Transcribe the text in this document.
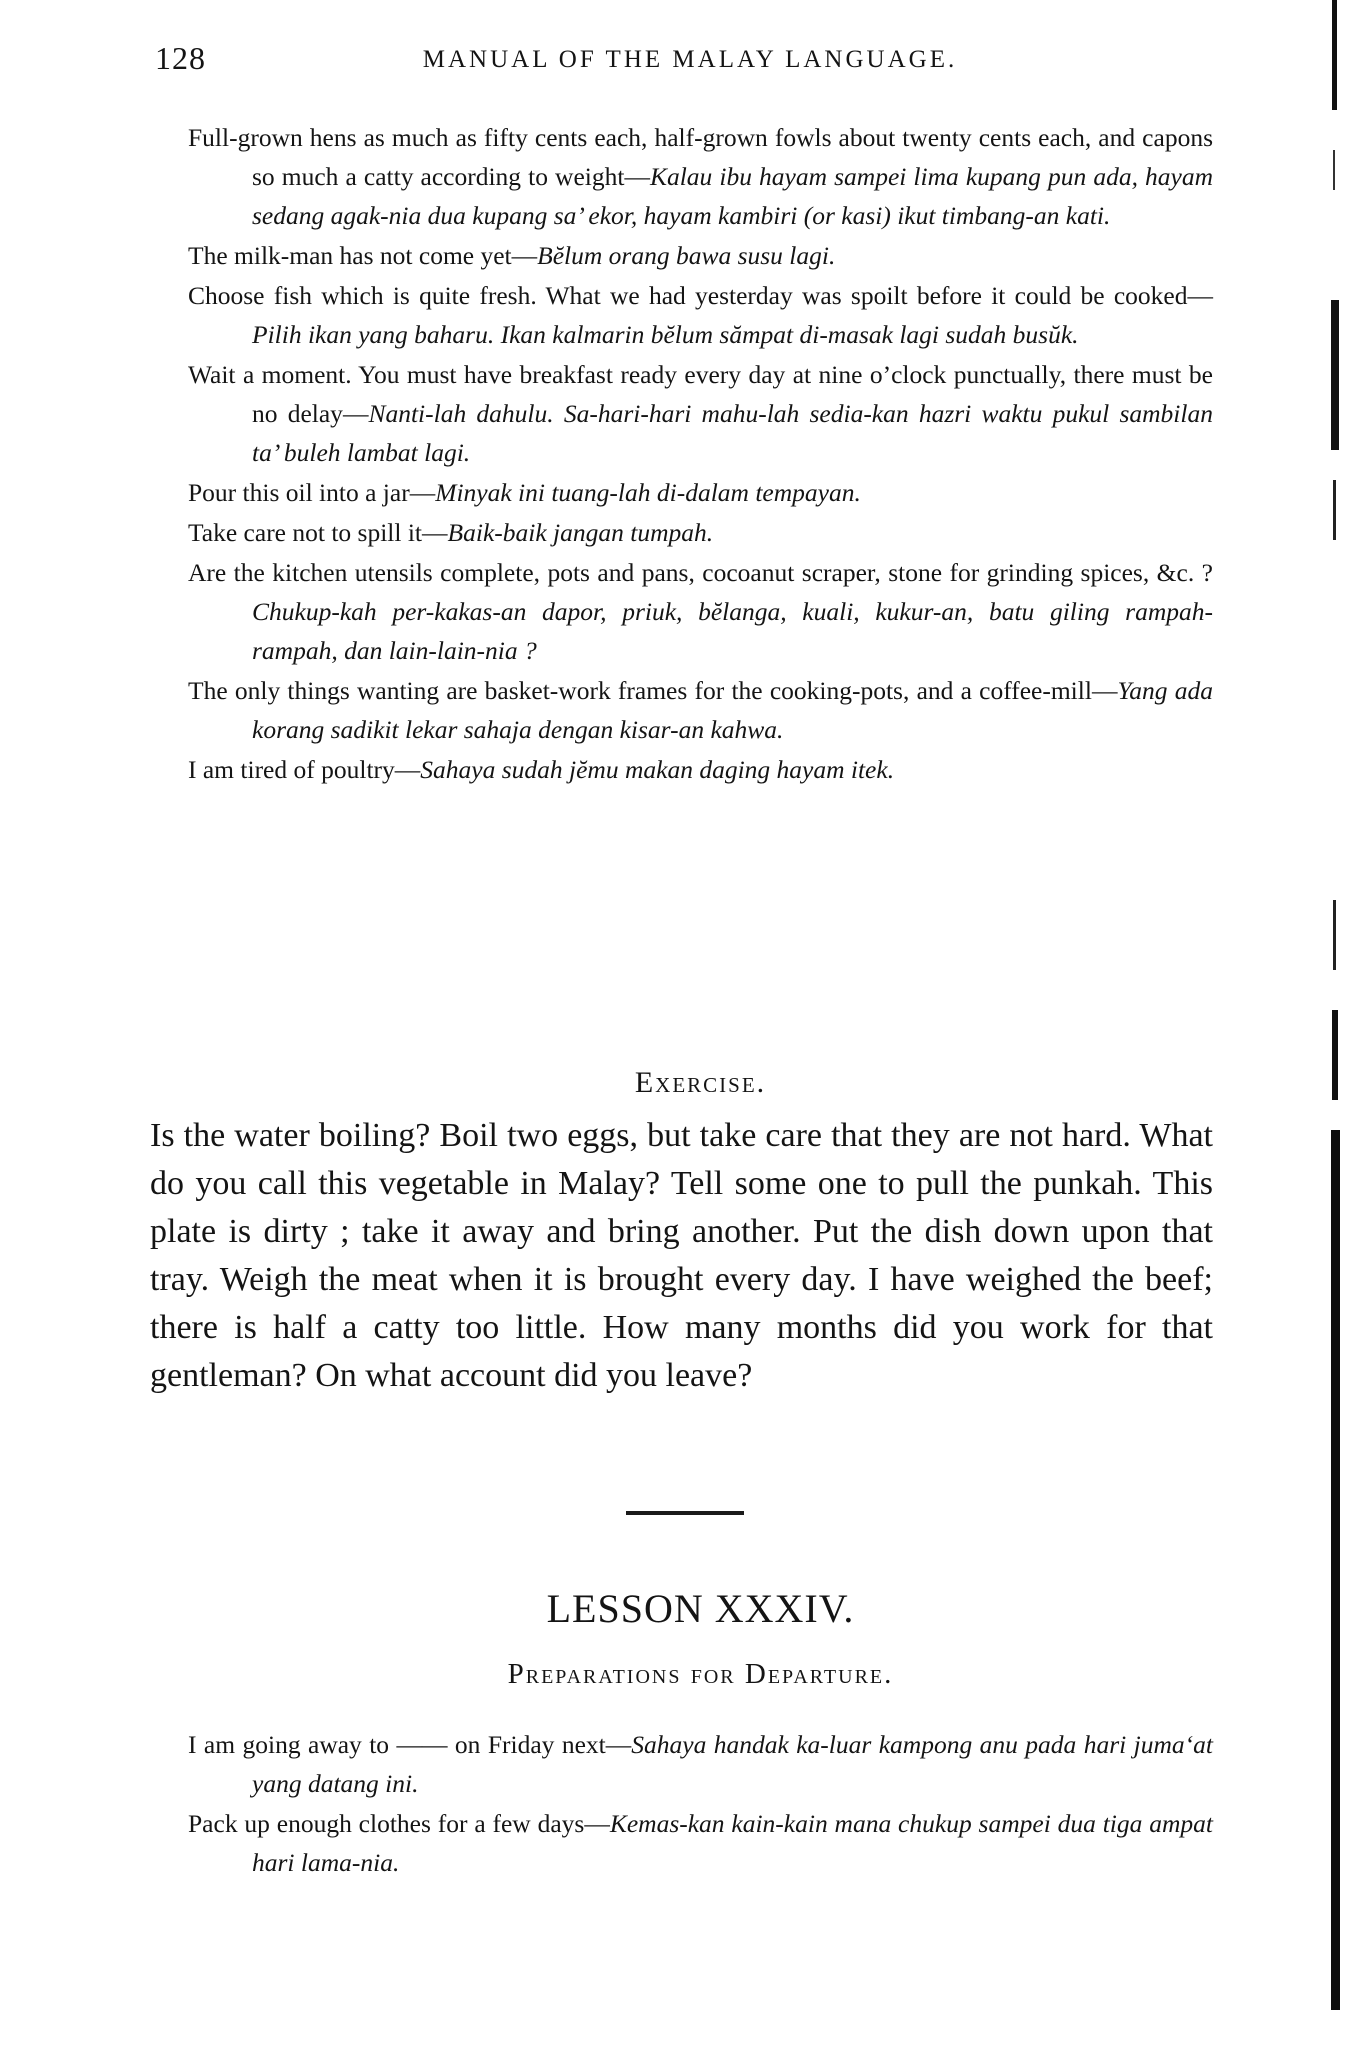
128	MANUAL OF THE MALAY LANGUAGE.

Full-grown hens as much as fifty cents each, half-grown fowls about twenty cents each, and capons so much a catty according to weight—Kalau ibu hayam sampei lima kupang pun ada, hayam sedang agak-nia dua kupang sa’ ekor, hayam kambiri (or kasi) ikut timbang-an kati.

The milk-man has not come yet—Bĕlum orang bawa susu lagi.

Choose fish which is quite fresh. What we had yesterday was spoilt before it could be cooked—Pilih ikan yang baharu. Ikan kalmarin bĕlum sămpat di-masak lagi sudah busŭk.

Wait a moment. You must have breakfast ready every day at nine o’clock punctually, there must be no delay—Nanti-lah dahulu. Sa-hari-hari mahu-lah sedia-kan hazri waktu pukul sambilan ta’ buleh lambat lagi.

Pour this oil into a jar—Minyak ini tuang-lah di-dalam tempayan.

Take care not to spill it—Baik-baik jangan tumpah.

Are the kitchen utensils complete, pots and pans, cocoanut scraper, stone for grinding spices, &c. ? Chukup-kah per-kakas-an dapor, priuk, bĕlanga, kuali, kukur-an, batu giling rampah-rampah, dan lain-lain-nia ?

The only things wanting are basket-work frames for the cooking-pots, and a coffee-mill—Yang ada korang sadikit lekar sahaja dengan kisar-an kahwa.

I am tired of poultry—Sahaya sudah jĕmu makan daging hayam itek.

Exercise.

Is the water boiling? Boil two eggs, but take care that they are not hard. What do you call this vegetable in Malay? Tell some one to pull the punkah. This plate is dirty ; take it away and bring another. Put the dish down upon that tray. Weigh the meat when it is brought every day. I have weighed the beef; there is half a catty too little. How many months did you work for that gentleman? On what account did you leave?

LESSON XXXIV.
Preparations for Departure.

I am going away to —— on Friday next—Sahaya handak ka-luar kampong anu pada hari juma‘at yang datang ini.

Pack up enough clothes for a few days—Kemas-kan kain-kain mana chukup sampei dua tiga ampat hari lama-nia.
